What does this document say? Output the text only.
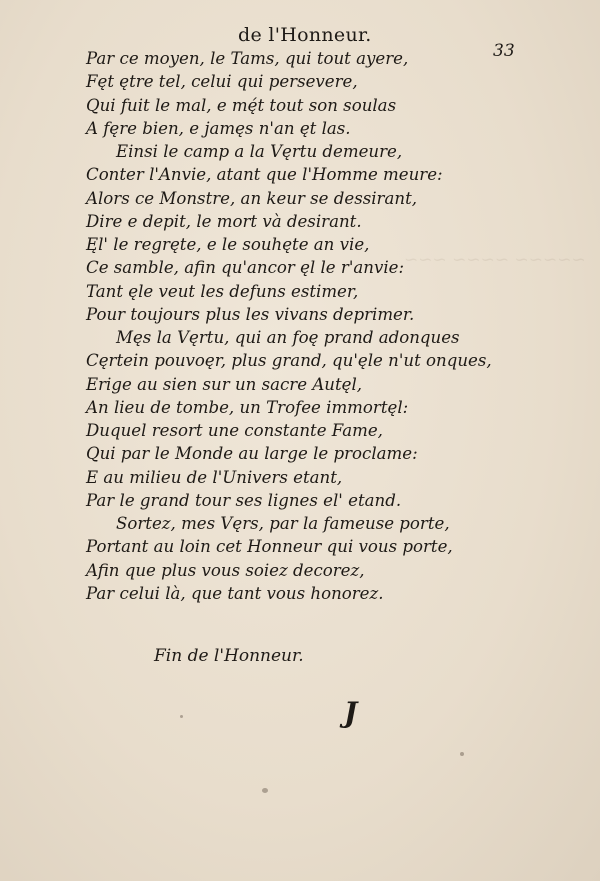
~~~~~ ~~~~ ~~~
de l'Honneur.
33
Par ce moyen, le Tams, qui tout ayere,
Fęt ętre tel, celui qui persevere,
Qui fuit le mal, e mę́t tout son soulas
A fęre bien, e jamęs n'an ęt las.
Einsi le camp a la Vęrtu demeure,
Conter l'Anvie, atant que l'Homme meure:
Alors ce Monstre, an keur se dessirant,
Dire e depit, le mort và desirant.
Ęl' le regręte, e le souhęte an vie,
Ce samble, afin qu'ancor ęl le r'anvie:
Tant ęle veut les defuns estimer,
Pour toujours plus les vivans deprimer.
Męs la Vęrtu, qui an foę prand adonques
Cęrtein pouvoęr, plus grand, qu'ęle n'ut onques,
Erige au sien sur un sacre Autęl,
An lieu de tombe, un Trofee immortęl:
Duquel resort une constante Fame,
Qui par le Monde au large le proclame:
E au milieu de l'Univers etant,
Par le grand tour ses lignes el' etand.
Sortez, mes Vęrs, par la fameuse porte,
Portant au loin cet Honneur qui vous porte,
Afin que plus vous soiez decorez,
Par celui là, que tant vous honorez.
Fin de l'Honneur.
J
